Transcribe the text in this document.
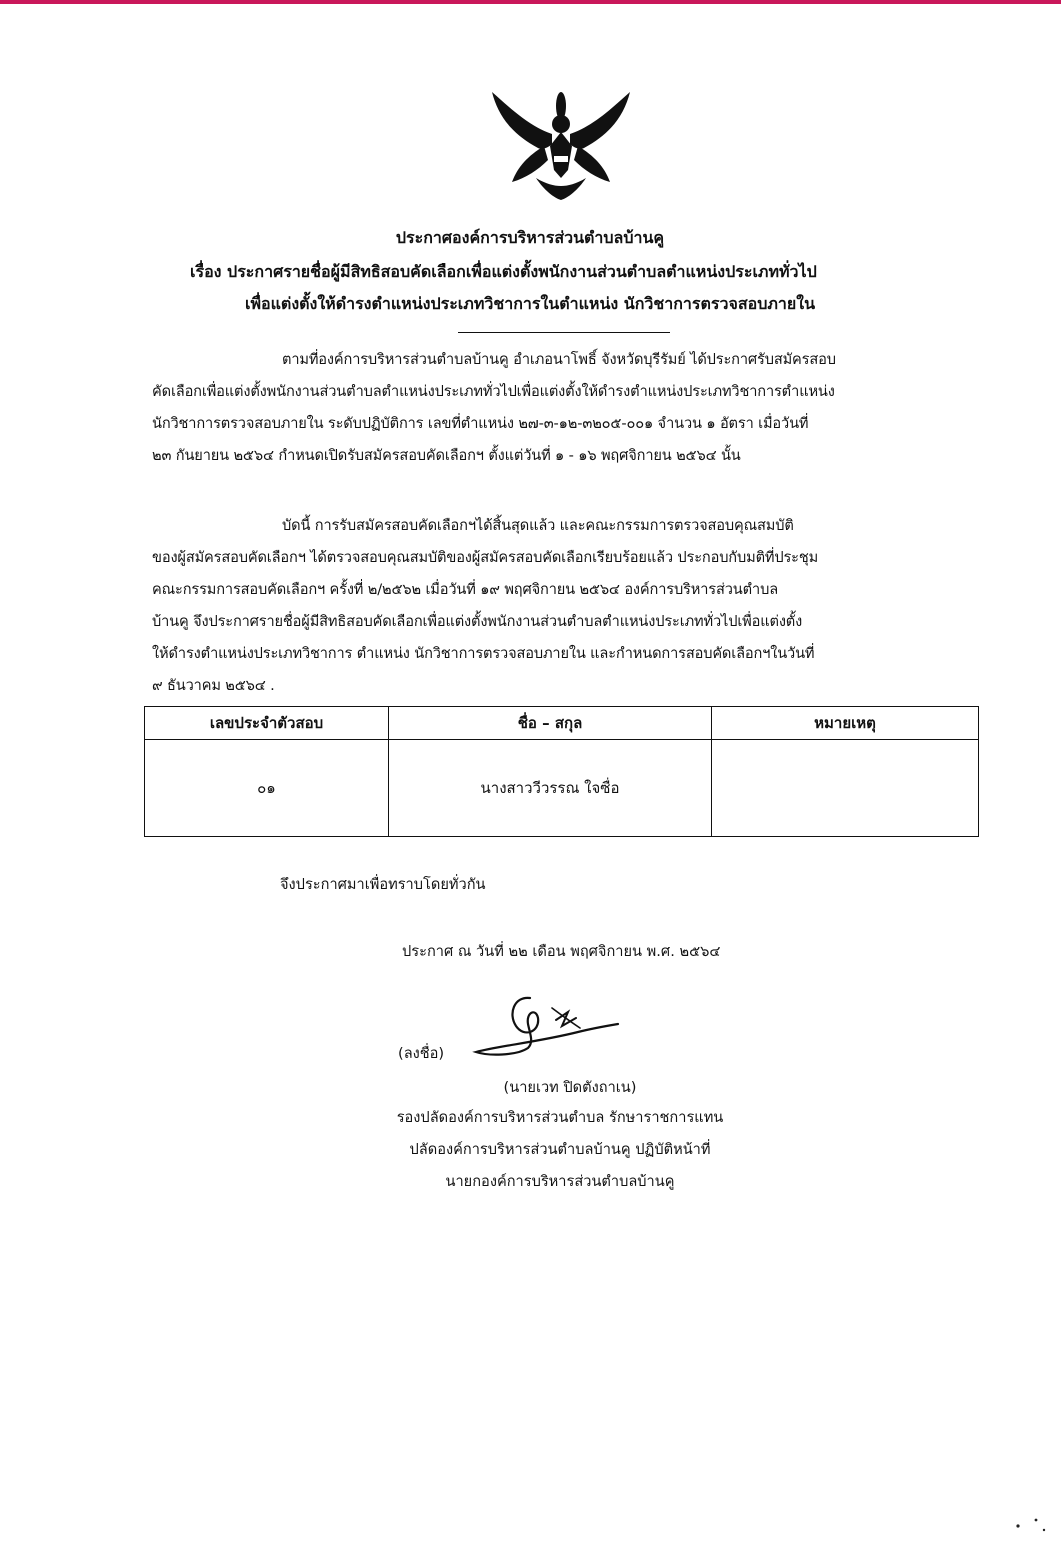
ประกาศองค์การบริหารส่วนตำบลบ้านคู
เรื่อง ประกาศรายชื่อผู้มีสิทธิสอบคัดเลือกเพื่อแต่งตั้งพนักงานส่วนตำบลตำแหน่งประเภททั่วไป
เพื่อแต่งตั้งให้ดำรงตำแหน่งประเภทวิชาการในตำแหน่ง นักวิชาการตรวจสอบภายใน
ตามที่องค์การบริหารส่วนตำบลบ้านคู อำเภอนาโพธิ์ จังหวัดบุรีรัมย์ ได้ประกาศรับสมัครสอบ
คัดเลือกเพื่อแต่งตั้งพนักงานส่วนตำบลตำแหน่งประเภททั่วไปเพื่อแต่งตั้งให้ดำรงตำแหน่งประเภทวิชาการตำแหน่ง
นักวิชาการตรวจสอบภายใน ระดับปฏิบัติการ เลขที่ตำแหน่ง ๒๗-๓-๑๒-๓๒๐๕-๐๐๑ จำนวน ๑ อัตรา เมื่อวันที่
๒๓ กันยายน ๒๕๖๔ กำหนดเปิดรับสมัครสอบคัดเลือกฯ ตั้งแต่วันที่ ๑ - ๑๖ พฤศจิกายน ๒๕๖๔ นั้น
บัดนี้ การรับสมัครสอบคัดเลือกฯได้สิ้นสุดแล้ว และคณะกรรมการตรวจสอบคุณสมบัติ
ของผู้สมัครสอบคัดเลือกฯ ได้ตรวจสอบคุณสมบัติของผู้สมัครสอบคัดเลือกเรียบร้อยแล้ว ประกอบกับมติที่ประชุม
คณะกรรมการสอบคัดเลือกฯ ครั้งที่ ๒/๒๕๖๒ เมื่อวันที่ ๑๙ พฤศจิกายน ๒๕๖๔ องค์การบริหารส่วนตำบล
บ้านคู จึงประกาศรายชื่อผู้มีสิทธิสอบคัดเลือกเพื่อแต่งตั้งพนักงานส่วนตำบลตำแหน่งประเภททั่วไปเพื่อแต่งตั้ง
ให้ดำรงตำแหน่งประเภทวิชาการ ตำแหน่ง นักวิชาการตรวจสอบภายใน และกำหนดการสอบคัดเลือกฯในวันที่
๙ ธันวาคม ๒๕๖๔ .
เลขประจำตัวสอบ	ชื่อ – สกุล	หมายเหตุ
๐๑	นางสาววีวรรณ ใจซื่อ	
จึงประกาศมาเพื่อทราบโดยทั่วกัน
ประกาศ ณ วันที่ ๒๒ เดือน พฤศจิกายน พ.ศ. ๒๕๖๔
(ลงชื่อ)
(นายเวท ปิดตังถาเน)
รองปลัดองค์การบริหารส่วนตำบล รักษาราชการแทน
ปลัดองค์การบริหารส่วนตำบลบ้านคู ปฏิบัติหน้าที่
นายกองค์การบริหารส่วนตำบลบ้านคู
